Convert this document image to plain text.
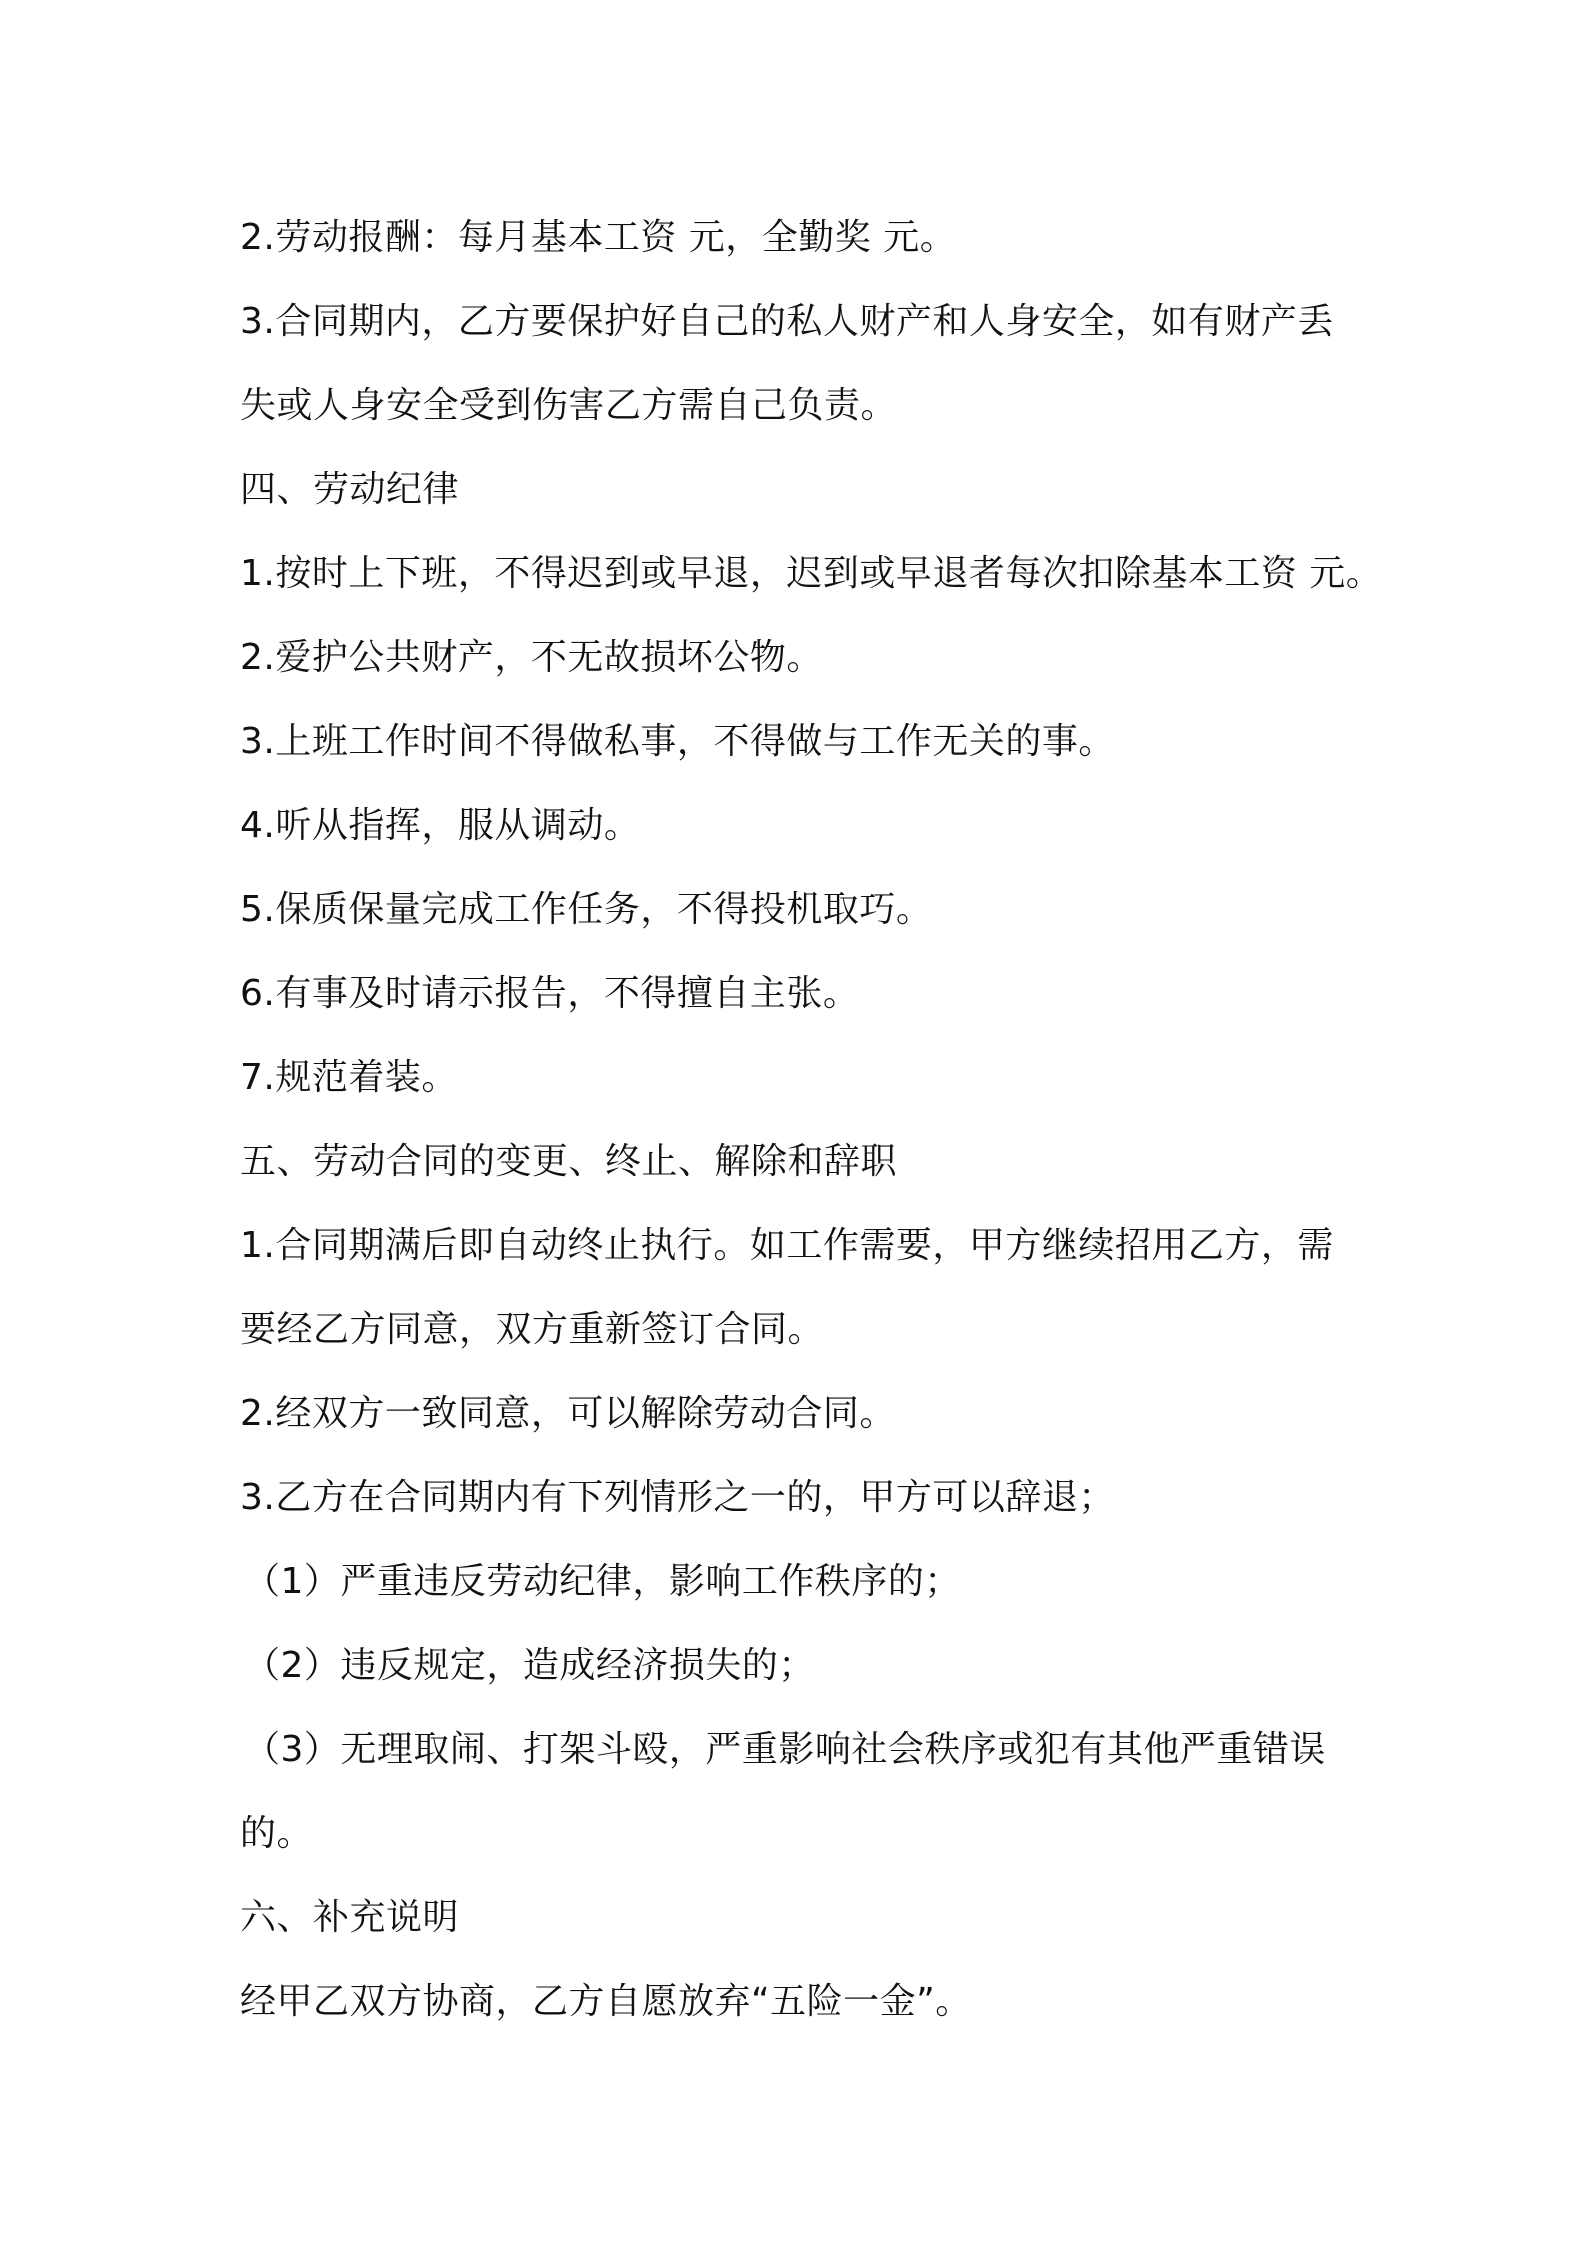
2.劳动报酬：每月基本工资 元，全勤奖 元。

3.合同期内，乙方要保护好自己的私人财产和人身安全，如有财产丢

失或人身安全受到伤害乙方需自己负责。

四、劳动纪律

1.按时上下班，不得迟到或早退，迟到或早退者每次扣除基本工资 元。

2.爱护公共财产，不无故损坏公物。

3.上班工作时间不得做私事，不得做与工作无关的事。

4.听从指挥，服从调动。

5.保质保量完成工作任务，不得投机取巧。

6.有事及时请示报告，不得擅自主张。

7.规范着装。

五、劳动合同的变更、终止、解除和辞职

1.合同期满后即自动终止执行。如工作需要，甲方继续招用乙方，需

要经乙方同意，双方重新签订合同。

2.经双方一致同意，可以解除劳动合同。

3.乙方在合同期内有下列情形之一的，甲方可以辞退；

（1）严重违反劳动纪律，影响工作秩序的；

（2）违反规定，造成经济损失的；

（3）无理取闹、打架斗殴，严重影响社会秩序或犯有其他严重错误

的。

六、补充说明

经甲乙双方协商，乙方自愿放弃“五险一金”。
